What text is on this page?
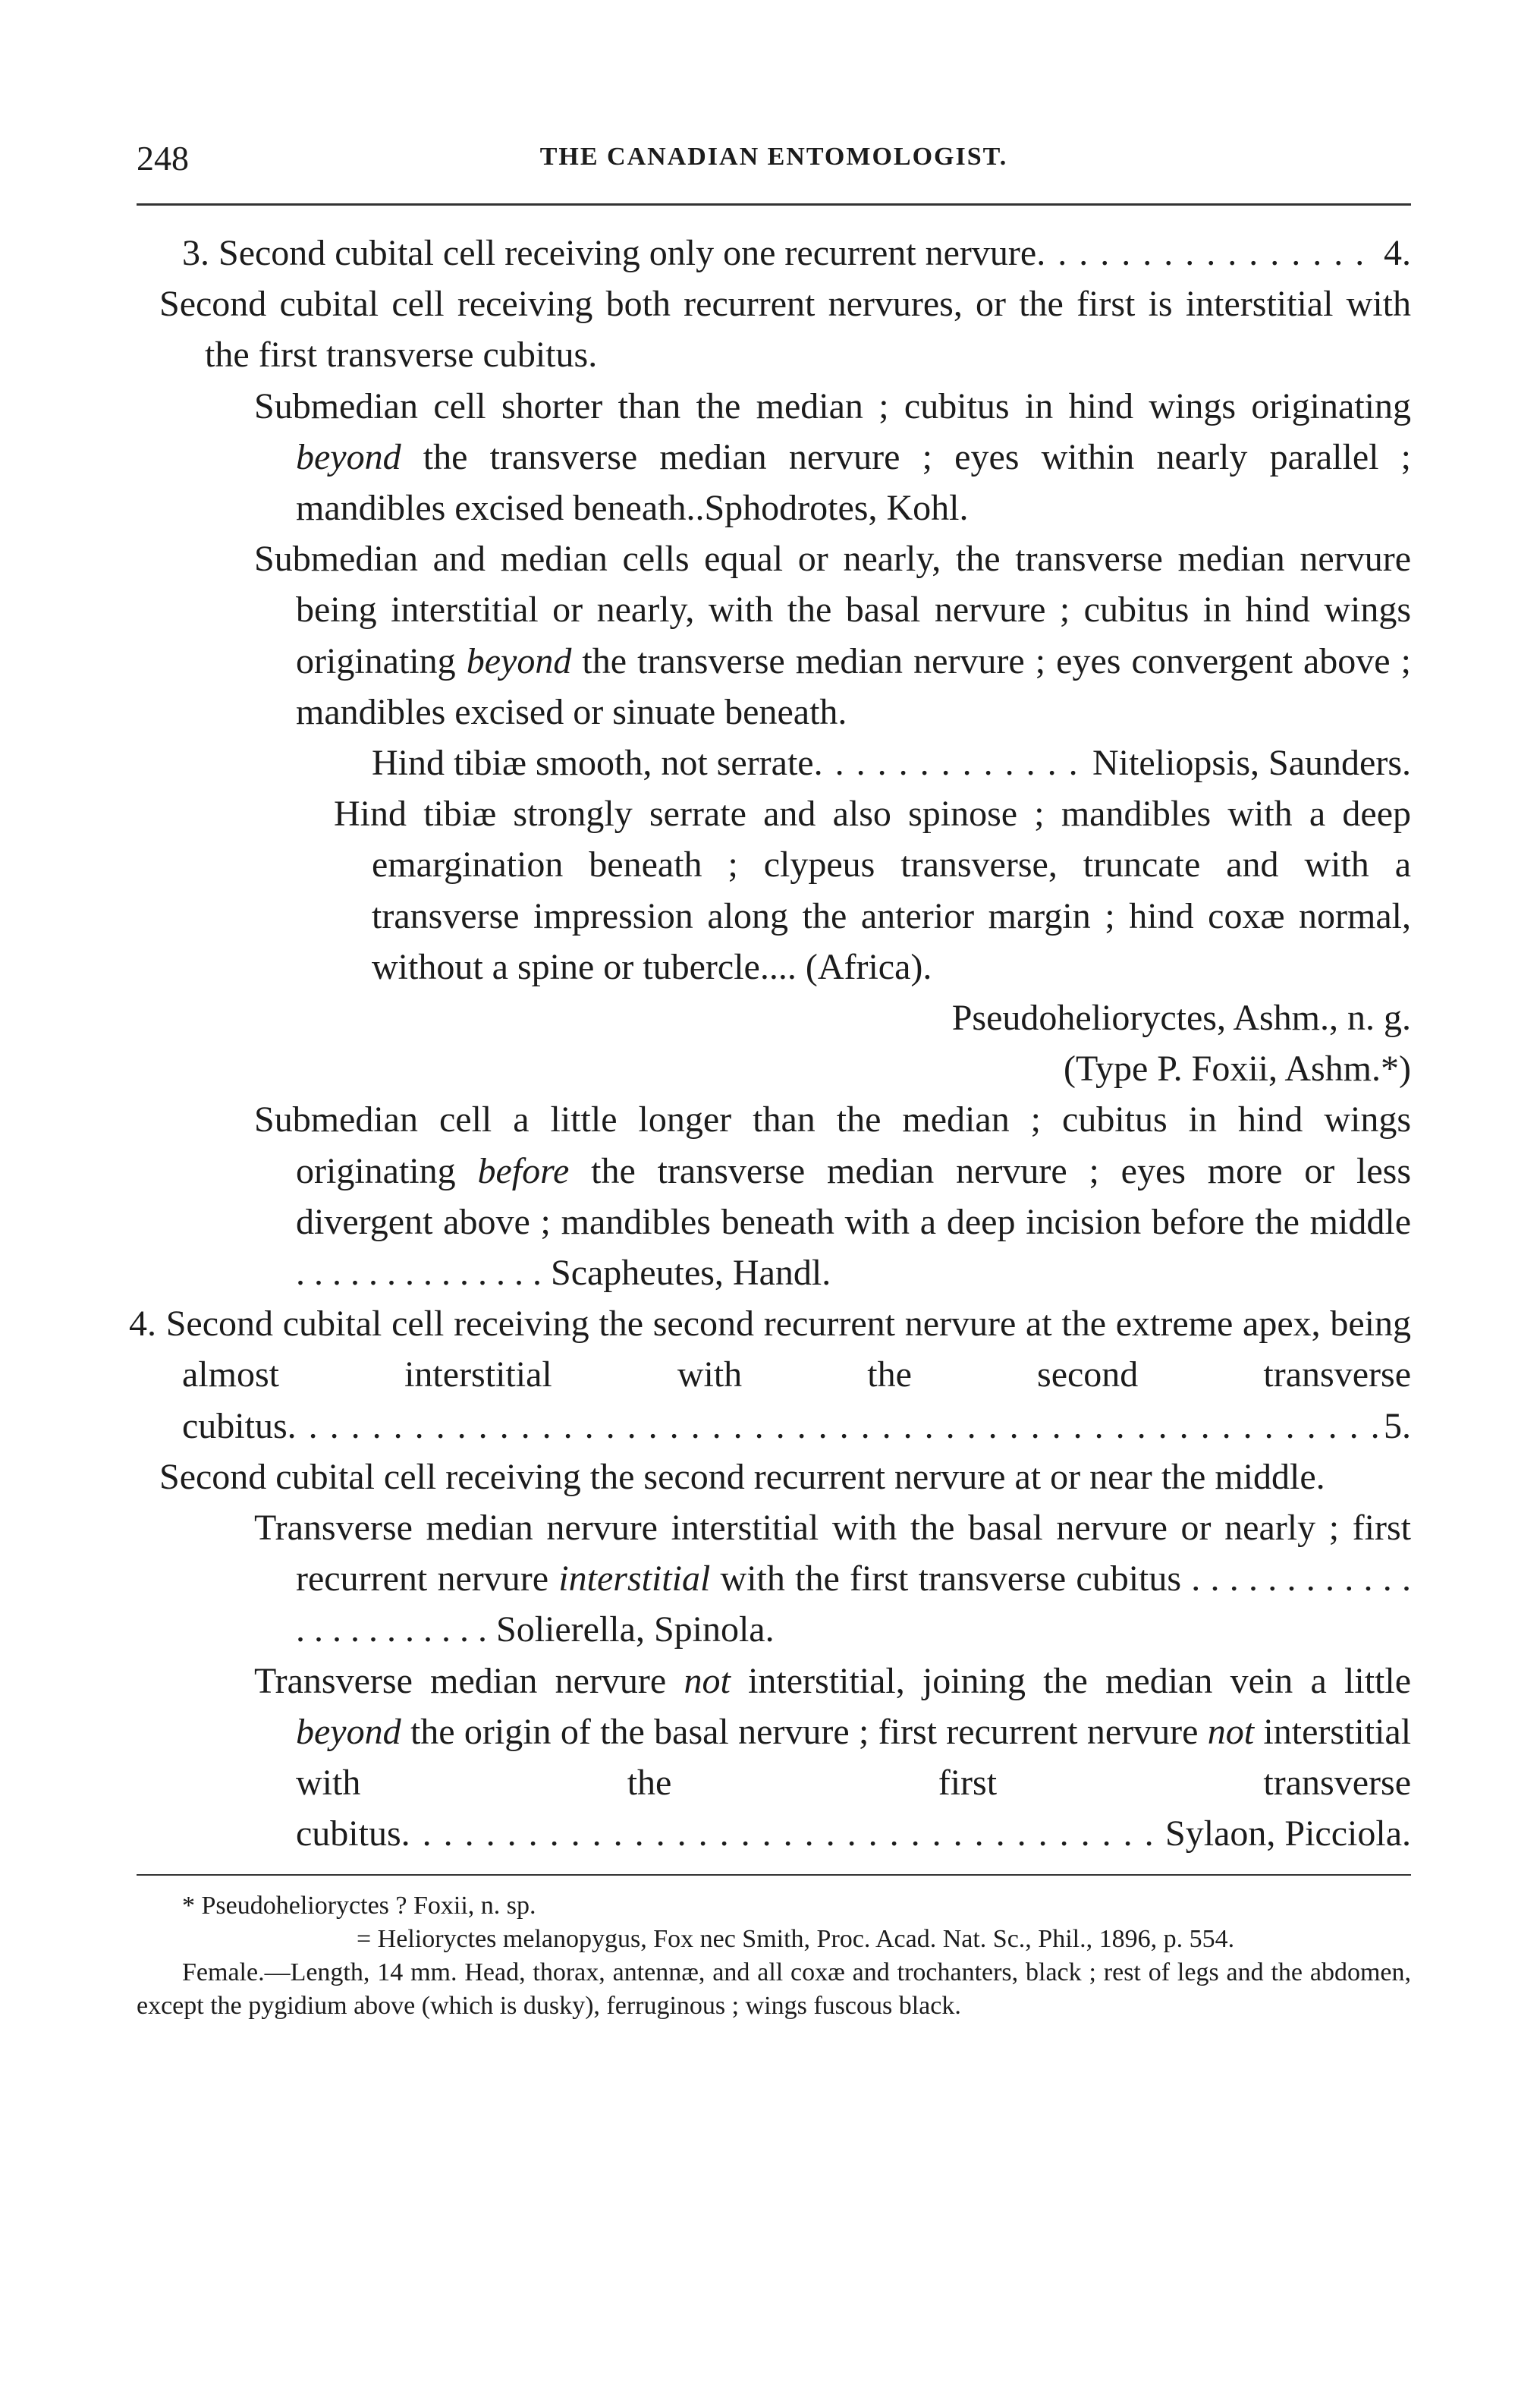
248	THE CANADIAN ENTOMOLOGIST.
3. Second cubital cell receiving only one recurrent nervure . . .	4.

Second cubital cell receiving both recurrent nervures, or the first is interstitial with the first transverse cubitus.

Submedian cell shorter than the median ; cubitus in hind wings originating beyond the transverse median nervure ; eyes within nearly parallel ; mandibles excised beneath..Sphodrotes, Kohl.

Submedian and median cells equal or nearly, the transverse median nervure being interstitial or nearly, with the basal nervure ; cubitus in hind wings originating beyond the transverse median nervure ; eyes convergent above ; mandibles excised or sinuate beneath.

Hind tibiæ smooth, not serrate . . .	Niteliopsis, Saunders.

Hind tibiæ strongly serrate and also spinose ; mandibles with a deep emargination beneath ; clypeus transverse, truncate and with a transverse impression along the anterior margin ; hind coxæ normal, without a spine or tubercle.... (Africa).

Pseudohelioryctes, Ashm., n. g.

(Type P. Foxii, Ashm.*)

Submedian cell a little longer than the median ; cubitus in hind wings originating before the transverse median nervure ; eyes more or less divergent above ; mandibles beneath with a deep incision before the middle . . . . . . . . . . . . . . Scapheutes, Handl.

4. Second cubital cell receiving the second recurrent nervure at the extreme apex, being almost interstitial with the second transverse

cubitus . . .	5.

Second cubital cell receiving the second recurrent nervure at or near the middle.

Transverse median nervure interstitial with the basal nervure or nearly ; first recurrent nervure interstitial with the first transverse cubitus . . . . . . . . . . . . . . . . . . . . . . . Solierella, Spinola.

Transverse median nervure not interstitial, joining the median vein a little beyond the origin of the basal nervure ; first recurrent nervure not interstitial with the first transverse

cubitus . . .	Sylaon, Picciola.

* Pseudohelioryctes ? Foxii, n. sp.

= Helioryctes melanopygus, Fox nec Smith, Proc. Acad. Nat. Sc., Phil., 1896, p. 554.

Female.—Length, 14 mm. Head, thorax, antennæ, and all coxæ and trochanters, black ; rest of legs and the abdomen, except the pygidium above (which is dusky), ferruginous ; wings fuscous black.
